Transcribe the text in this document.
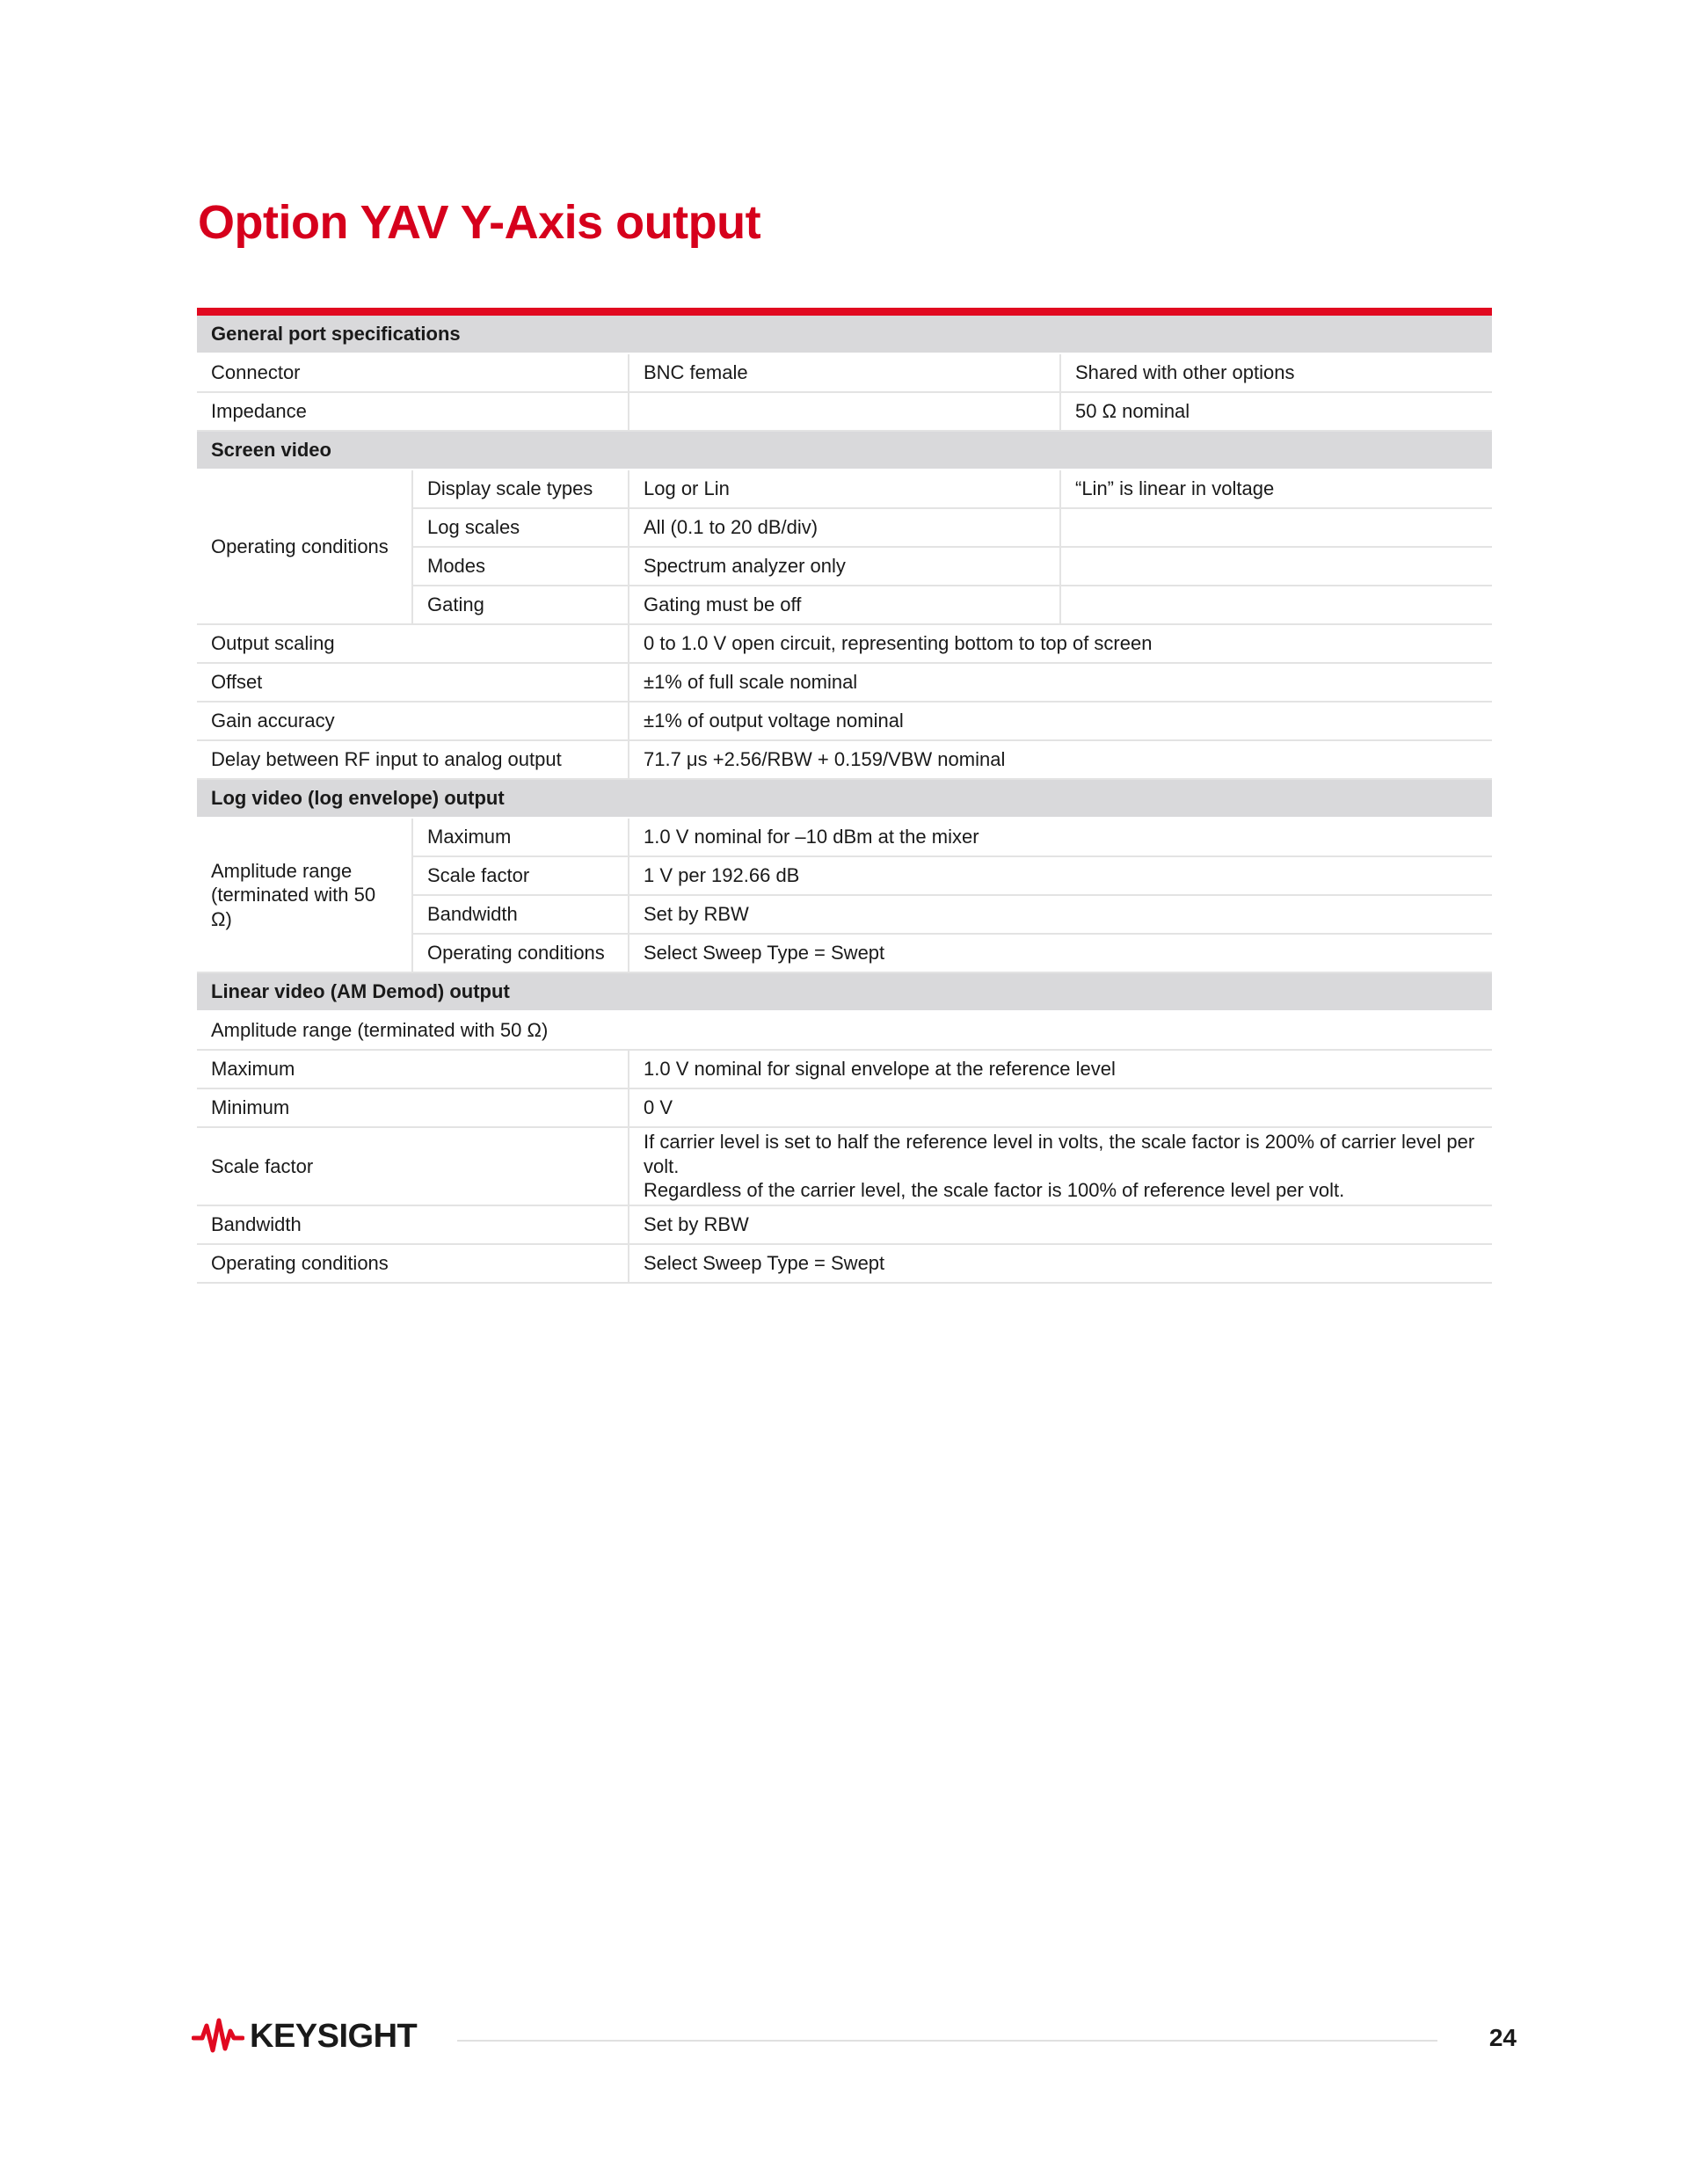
Option YAV Y-Axis output
General port specifications			
Connector		BNC female	Shared with other options
Impedance			50 Ω nominal
Screen video			
Operating conditions	Display scale types	Log or Lin	“Lin” is linear in voltage
	Log scales	All (0.1 to 20 dB/div)	
	Modes	Spectrum analyzer only	
	Gating	Gating must be off	
Output scaling		0 to 1.0 V open circuit, representing bottom to top of screen	
Offset		±1% of full scale nominal	
Gain accuracy		±1% of output voltage nominal	
Delay between RF input to analog output		71.7 μs +2.56/RBW + 0.159/VBW nominal	
Log video (log envelope) output			

Amplitude range
(terminated with 50 Ω)	Maximum	1.0 V nominal for –10 dBm at the mixer	
	Scale factor	1 V per 192.66 dB	
	Bandwidth	Set by RBW	
	Operating conditions	Select Sweep Type = Swept	
Linear video (AM Demod) output			
Amplitude range (terminated with 50 Ω)			
Maximum		1.0 V nominal for signal envelope at the reference level	
Minimum		0 V	
Scale factor		If carrier level is set to half the reference level in volts, the scale factor is 200% of carrier level per volt.
Regardless of the carrier level, the scale factor is 100% of reference level per volt.	

Bandwidth		Set by RBW	
Operating conditions		Select Sweep Type = Swept	
KEYSIGHT	24
